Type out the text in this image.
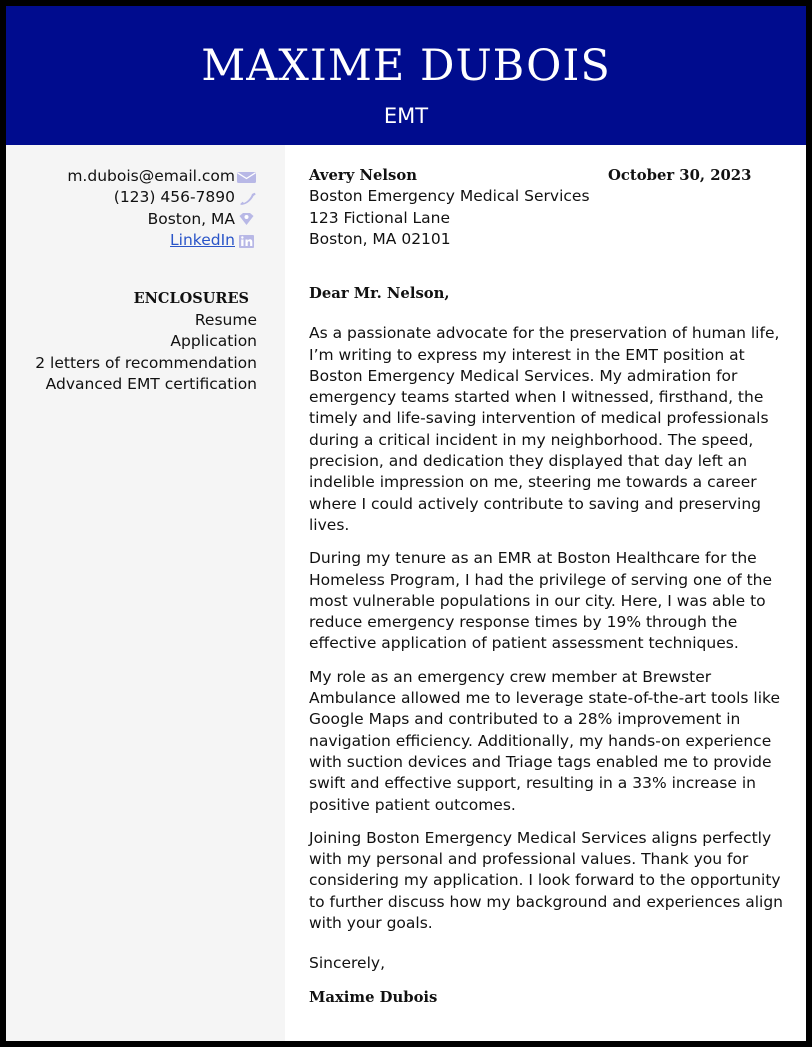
MAXIME DUBOIS
EMT
m.dubois@email.com
(123) 456-7890
Boston, MA
LinkedIn
ENCLOSURES
Resume
Application
2 letters of recommendation
Advanced EMT certification
Avery Nelson
Boston Emergency Medical Services
123 Fictional Lane
Boston, MA 02101
October 30, 2023
Dear Mr. Nelson,

As a passionate advocate for the preservation of human life, I’m writing to express my interest in the EMT position at Boston Emergency Medical Services. My admiration for emergency teams started when I witnessed, firsthand, the timely and life-saving intervention of medical professionals during a critical incident in my neighborhood. The speed, precision, and dedication they displayed that day left an indelible impression on me, steering me towards a career where I could actively contribute to saving and preserving lives.

During my tenure as an EMR at Boston Healthcare for the Homeless Program, I had the privilege of serving one of the most vulnerable populations in our city. Here, I was able to reduce emergency response times by 19% through the effective application of patient assessment techniques.

My role as an emergency crew member at Brewster Ambulance allowed me to leverage state-of-the-art tools like Google Maps and contributed to a 28% improvement in navigation efficiency. Additionally, my hands-on experience with suction devices and Triage tags enabled me to provide swift and effective support, resulting in a 33% increase in positive patient outcomes.

Joining Boston Emergency Medical Services aligns perfectly with my personal and professional values. Thank you for considering my application. I look forward to the opportunity to further discuss how my background and experiences align with your goals.

Sincerely,

Maxime Dubois
